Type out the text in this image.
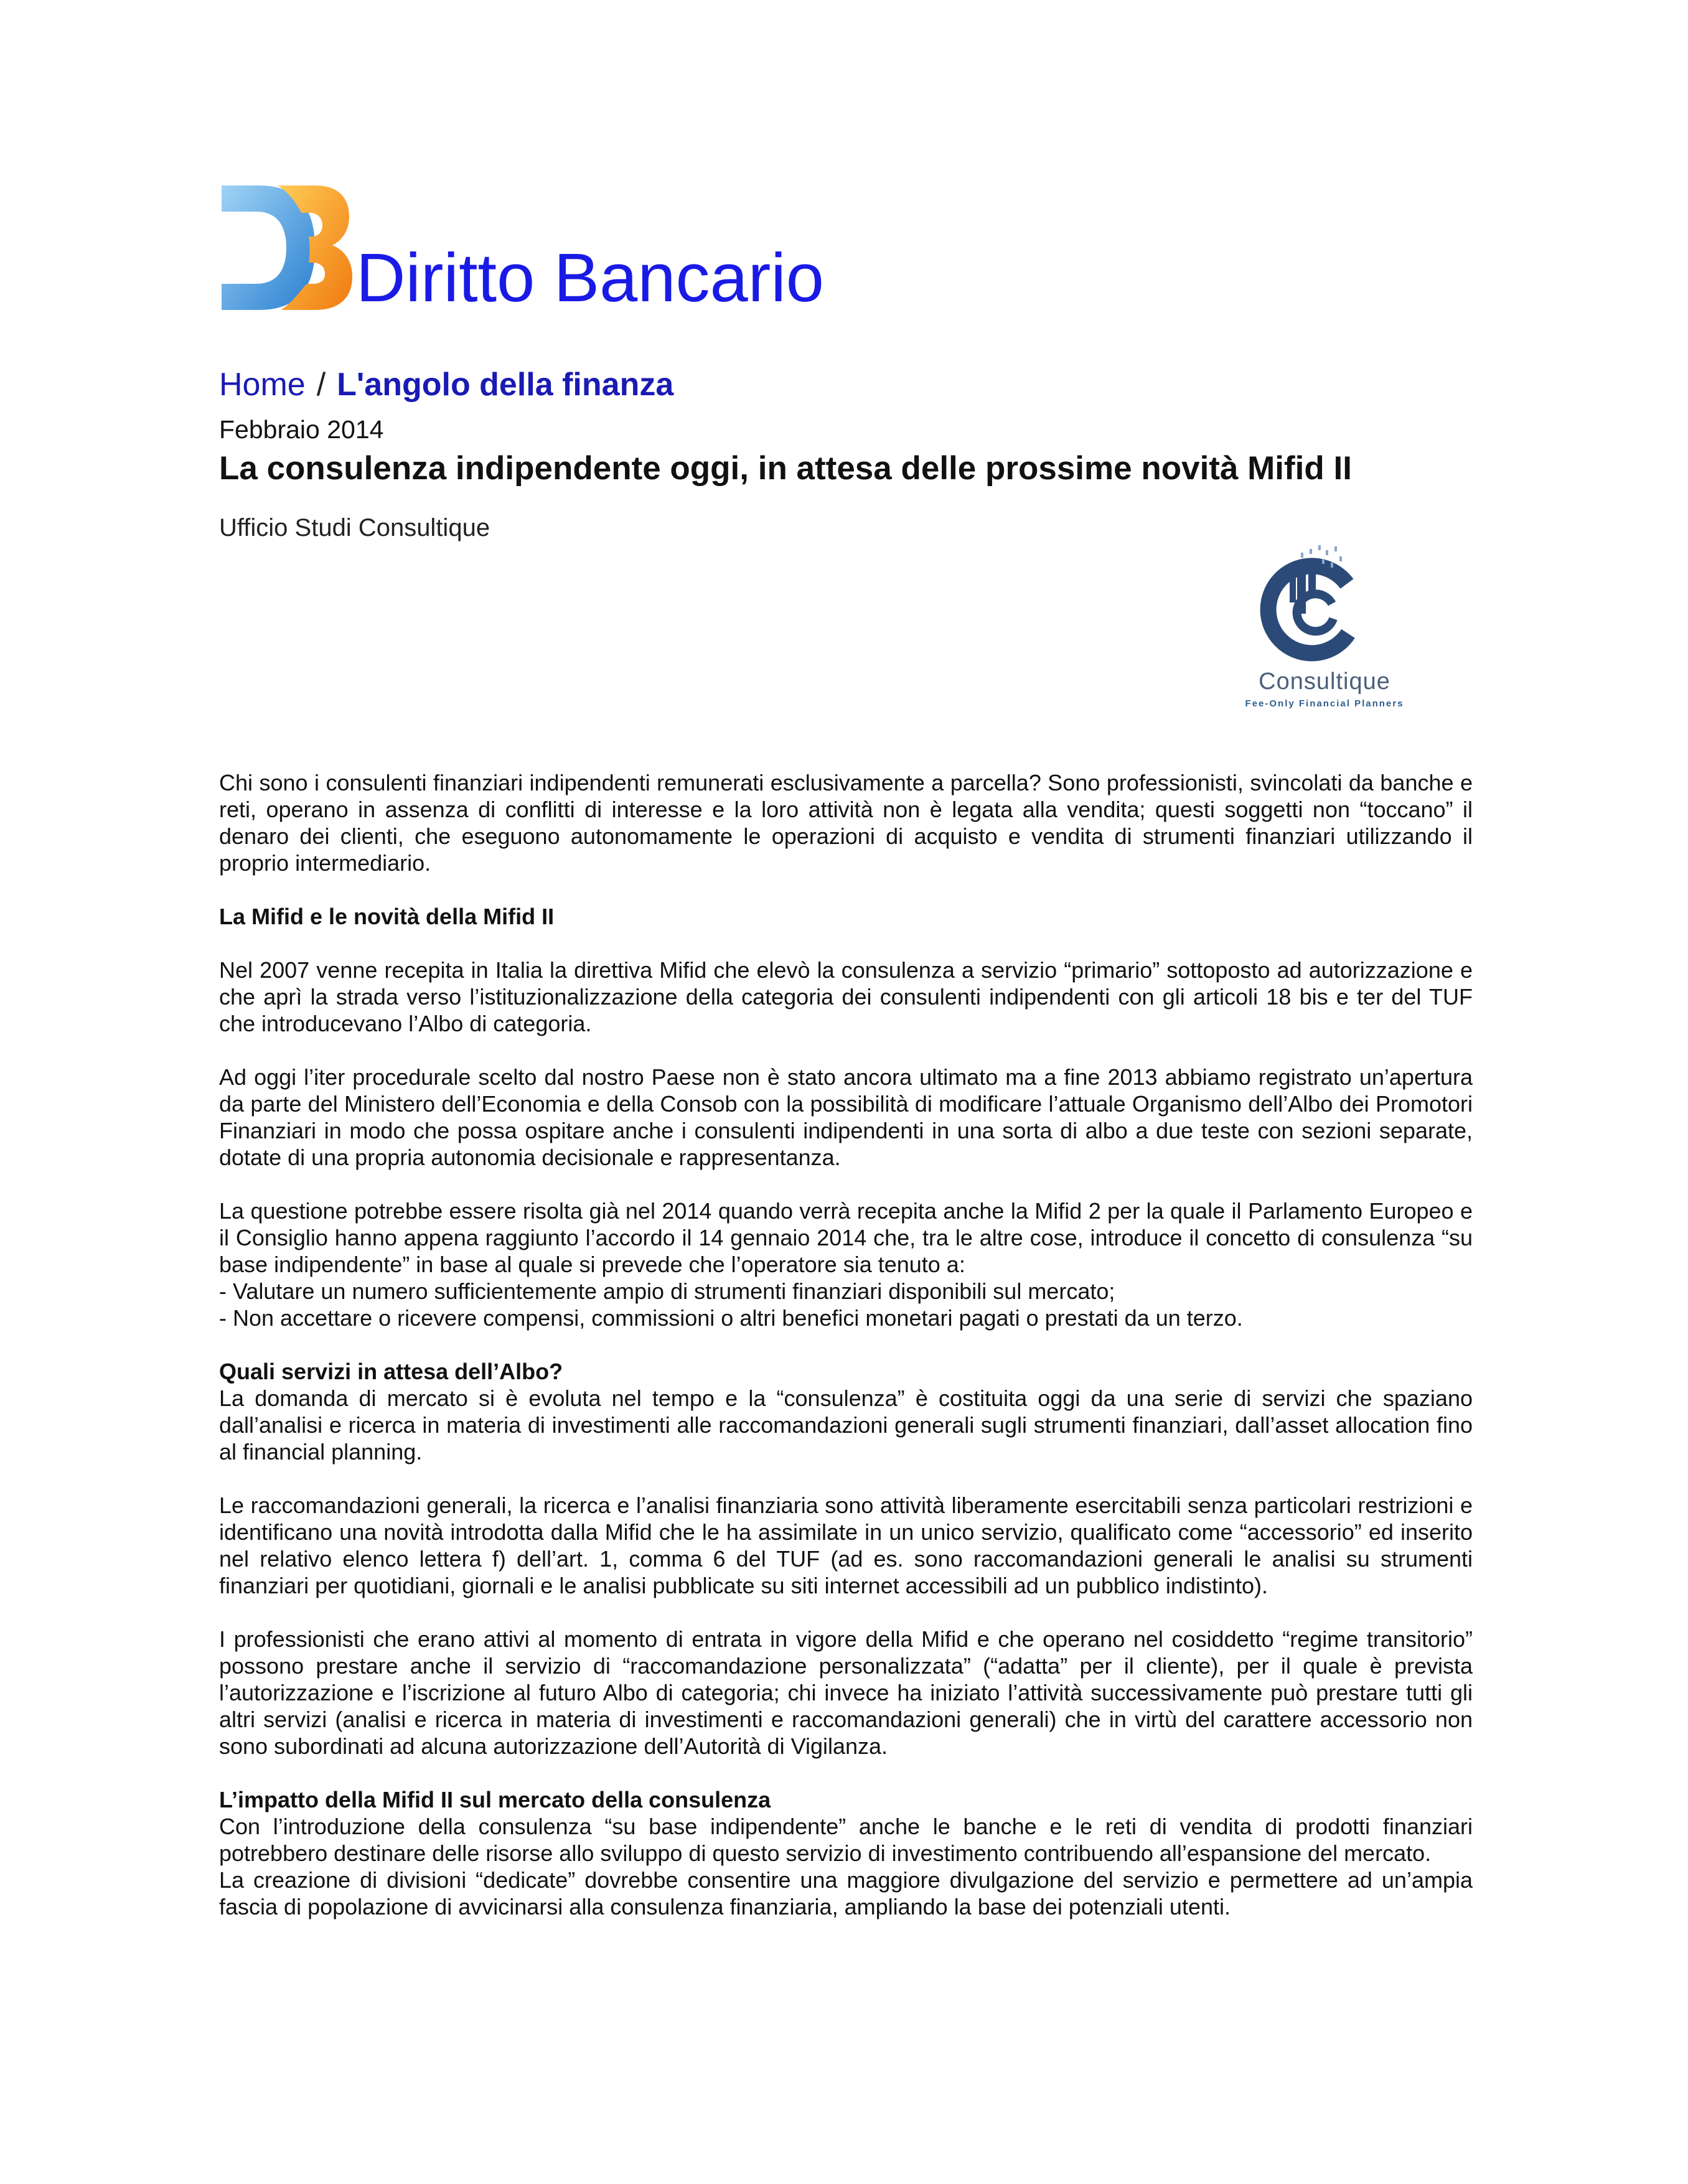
Diritto Bancario
Home / L'angolo della finanza
Febbraio 2014
La consulenza indipendente oggi, in attesa delle prossime novità Mifid II
Ufficio Studi Consultique
Consultique
Fee-Only Financial Planners

Chi sono i consulenti finanziari indipendenti remunerati esclusivamente a parcella? Sono professionisti, svincolati da banche e reti, operano in assenza di conflitti di interesse e la loro attività non è legata alla vendita; questi soggetti non “toccano” il denaro dei clienti, che eseguono autonomamente le operazioni di acquisto e vendita di strumenti finanziari utilizzando il proprio intermediario.

La Mifid e le novità della Mifid II

Nel 2007 venne recepita in Italia la direttiva Mifid che elevò la consulenza a servizio “primario” sottoposto ad autorizzazione e che aprì la strada verso l’istituzionalizzazione della categoria dei consulenti indipendenti con gli articoli 18 bis e ter del TUF che introducevano l’Albo di categoria.

Ad oggi l’iter procedurale scelto dal nostro Paese non è stato ancora ultimato ma a fine 2013 abbiamo registrato un’apertura da parte del Ministero dell’Economia e della Consob con la possibilità di modificare l’attuale Organismo dell’Albo dei Promotori Finanziari in modo che possa ospitare anche i consulenti indipendenti in una sorta di albo a due teste con sezioni separate, dotate di una propria autonomia decisionale e rappresentanza.

La questione potrebbe essere risolta già nel 2014 quando verrà recepita anche la Mifid 2 per la quale il Parlamento Europeo e il Consiglio hanno appena raggiunto l’accordo il 14 gennaio 2014 che, tra le altre cose, introduce il concetto di consulenza “su base indipendente” in base al quale si prevede che l’operatore sia tenuto a:

- Valutare un numero sufficientemente ampio di strumenti finanziari disponibili sul mercato;

- Non accettare o ricevere compensi, commissioni o altri benefici monetari pagati o prestati da un terzo.

Quali servizi in attesa dell’Albo?

La domanda di mercato si è evoluta nel tempo e la “consulenza” è costituita oggi da una serie di servizi che spaziano dall’analisi e ricerca in materia di investimenti alle raccomandazioni generali sugli strumenti finanziari, dall’asset allocation fino al financial planning.

Le raccomandazioni generali, la ricerca e l’analisi finanziaria sono attività liberamente esercitabili senza particolari restrizioni e identificano una novità introdotta dalla Mifid che le ha assimilate in un unico servizio, qualificato come “accessorio” ed inserito nel relativo elenco lettera f) dell’art. 1, comma 6 del TUF (ad es. sono raccomandazioni generali le analisi su strumenti finanziari per quotidiani, giornali e le analisi pubblicate su siti internet accessibili ad un pubblico indistinto).

I professionisti che erano attivi al momento di entrata in vigore della Mifid e che operano nel cosiddetto “regime transitorio” possono prestare anche il servizio di “raccomandazione personalizzata” (“adatta” per il cliente), per il quale è prevista l’autorizzazione e l’iscrizione al futuro Albo di categoria; chi invece ha iniziato l’attività successivamente può prestare tutti gli altri servizi (analisi e ricerca in materia di investimenti e raccomandazioni generali) che in virtù del carattere accessorio non sono subordinati ad alcuna autorizzazione dell’Autorità di Vigilanza.

L’impatto della Mifid II sul mercato della consulenza

Con l’introduzione della consulenza “su base indipendente” anche le banche e le reti di vendita di prodotti finanziari potrebbero destinare delle risorse allo sviluppo di questo servizio di investimento contribuendo all’espansione del mercato.

La creazione di divisioni “dedicate” dovrebbe consentire una maggiore divulgazione del servizio e permettere ad un’ampia fascia di popolazione di avvicinarsi alla consulenza finanziaria, ampliando la base dei potenziali utenti.
